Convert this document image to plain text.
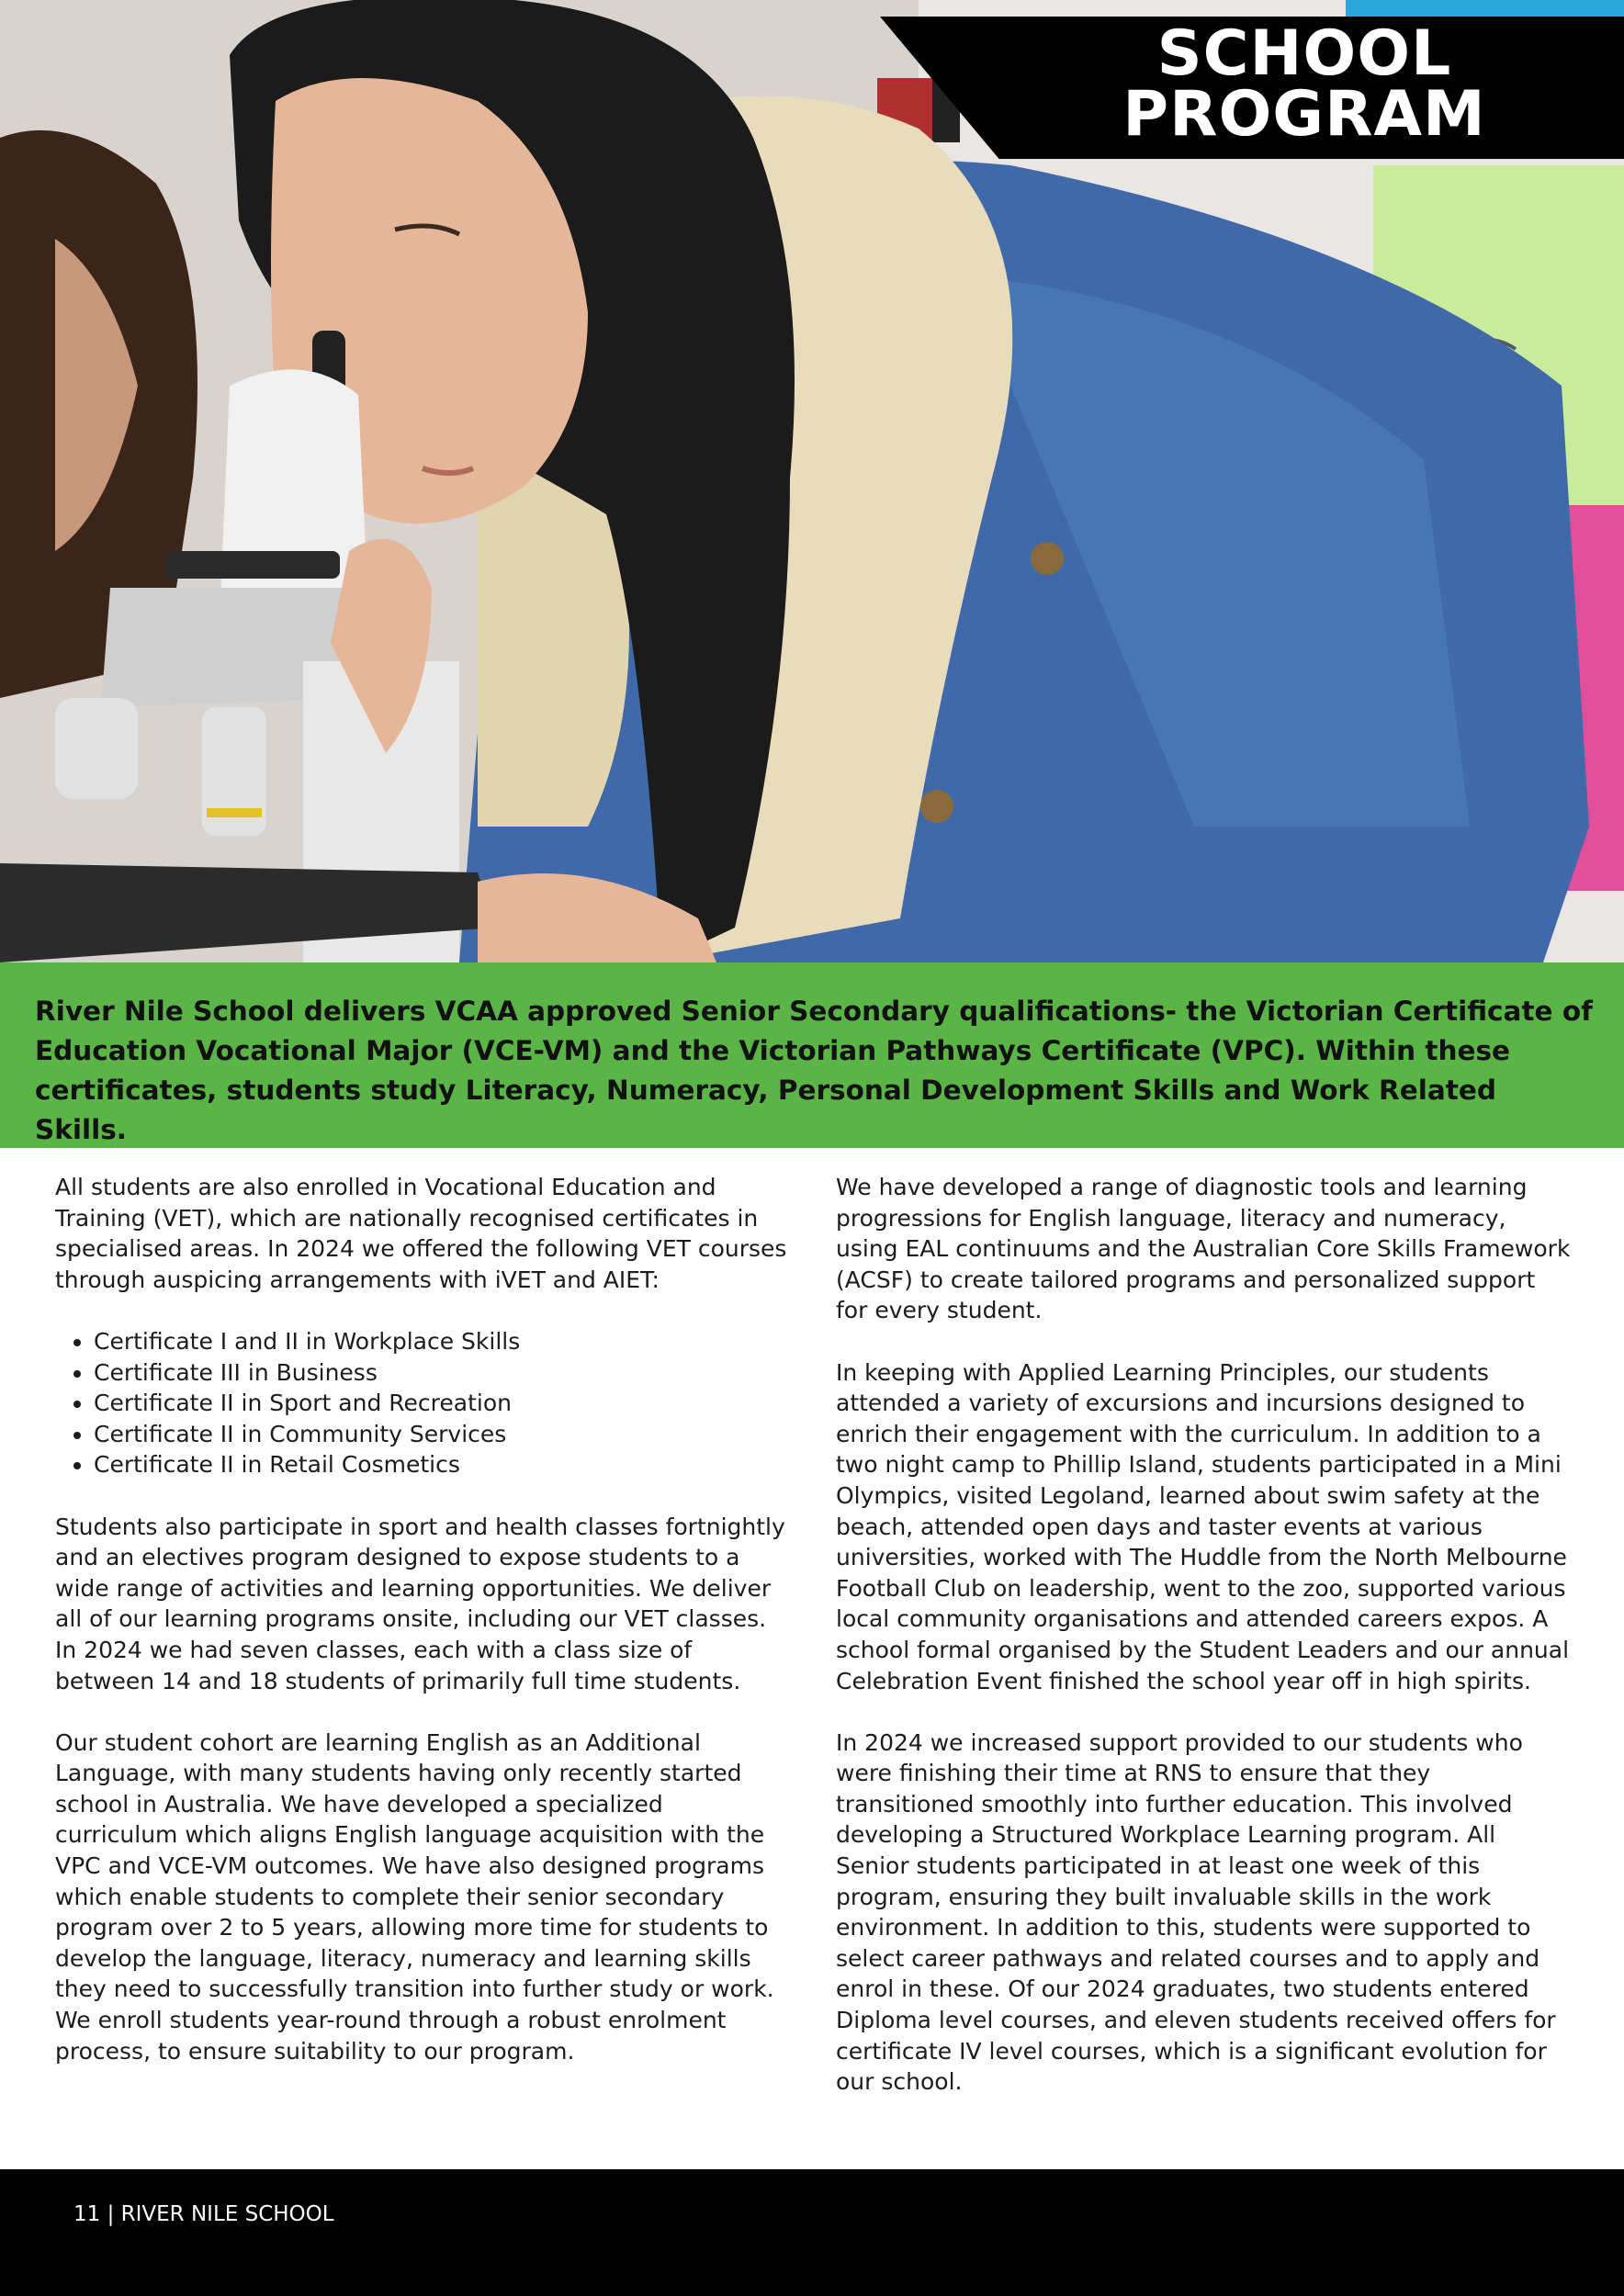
SCHOOL
PROGRAM

River Nile School delivers VCAA approved Senior Secondary qualifications- the Victorian Certificate of Education Vocational Major (VCE-VM) and the Victorian Pathways Certificate (VPC). Within these certificates, students study Literacy, Numeracy, Personal Development Skills and Work Related Skills.

All students are also enrolled in Vocational Education and Training (VET), which are nationally recognised certificates in specialised areas. In 2024 we offered the following VET courses through auspicing arrangements with iVET and AIET:

• Certificate I and II in Workplace Skills
• Certificate III in Business
• Certificate II in Sport and Recreation
• Certificate II in Community Services
• Certificate II in Retail Cosmetics

Students also participate in sport and health classes fortnightly and an electives program designed to expose students to a wide range of activities and learning opportunities. We deliver all of our learning programs onsite, including our VET classes. In 2024 we had seven classes, each with a class size of between 14 and 18 students of primarily full time students.

Our student cohort are learning English as an Additional Language, with many students having only recently started school in Australia. We have developed a specialized curriculum which aligns English language acquisition with the VPC and VCE-VM outcomes. We have also designed programs which enable students to complete their senior secondary program over 2 to 5 years, allowing more time for students to develop the language, literacy, numeracy and learning skills they need to successfully transition into further study or work. We enroll students year-round through a robust enrolment process, to ensure suitability to our program.

We have developed a range of diagnostic tools and learning progressions for English language, literacy and numeracy, using EAL continuums and the Australian Core Skills Framework (ACSF) to create tailored programs and personalized support for every student.

In keeping with Applied Learning Principles, our students attended a variety of excursions and incursions designed to enrich their engagement with the curriculum. In addition to a two night camp to Phillip Island, students participated in a Mini Olympics, visited Legoland, learned about swim safety at the beach, attended open days and taster events at various universities, worked with The Huddle from the North Melbourne Football Club on leadership, went to the zoo, supported various local community organisations and attended careers expos. A school formal organised by the Student Leaders and our annual Celebration Event finished the school year off in high spirits.

In 2024 we increased support provided to our students who were finishing their time at RNS to ensure that they transitioned smoothly into further education. This involved developing a Structured Workplace Learning program. All Senior students participated in at least one week of this program, ensuring they built invaluable skills in the work environment. In addition to this, students were supported to select career pathways and related courses and to apply and enrol in these. Of our 2024 graduates, two students entered Diploma level courses, and eleven students received offers for certificate IV level courses, which is a significant evolution for our school.

11 | RIVER NILE SCHOOL
